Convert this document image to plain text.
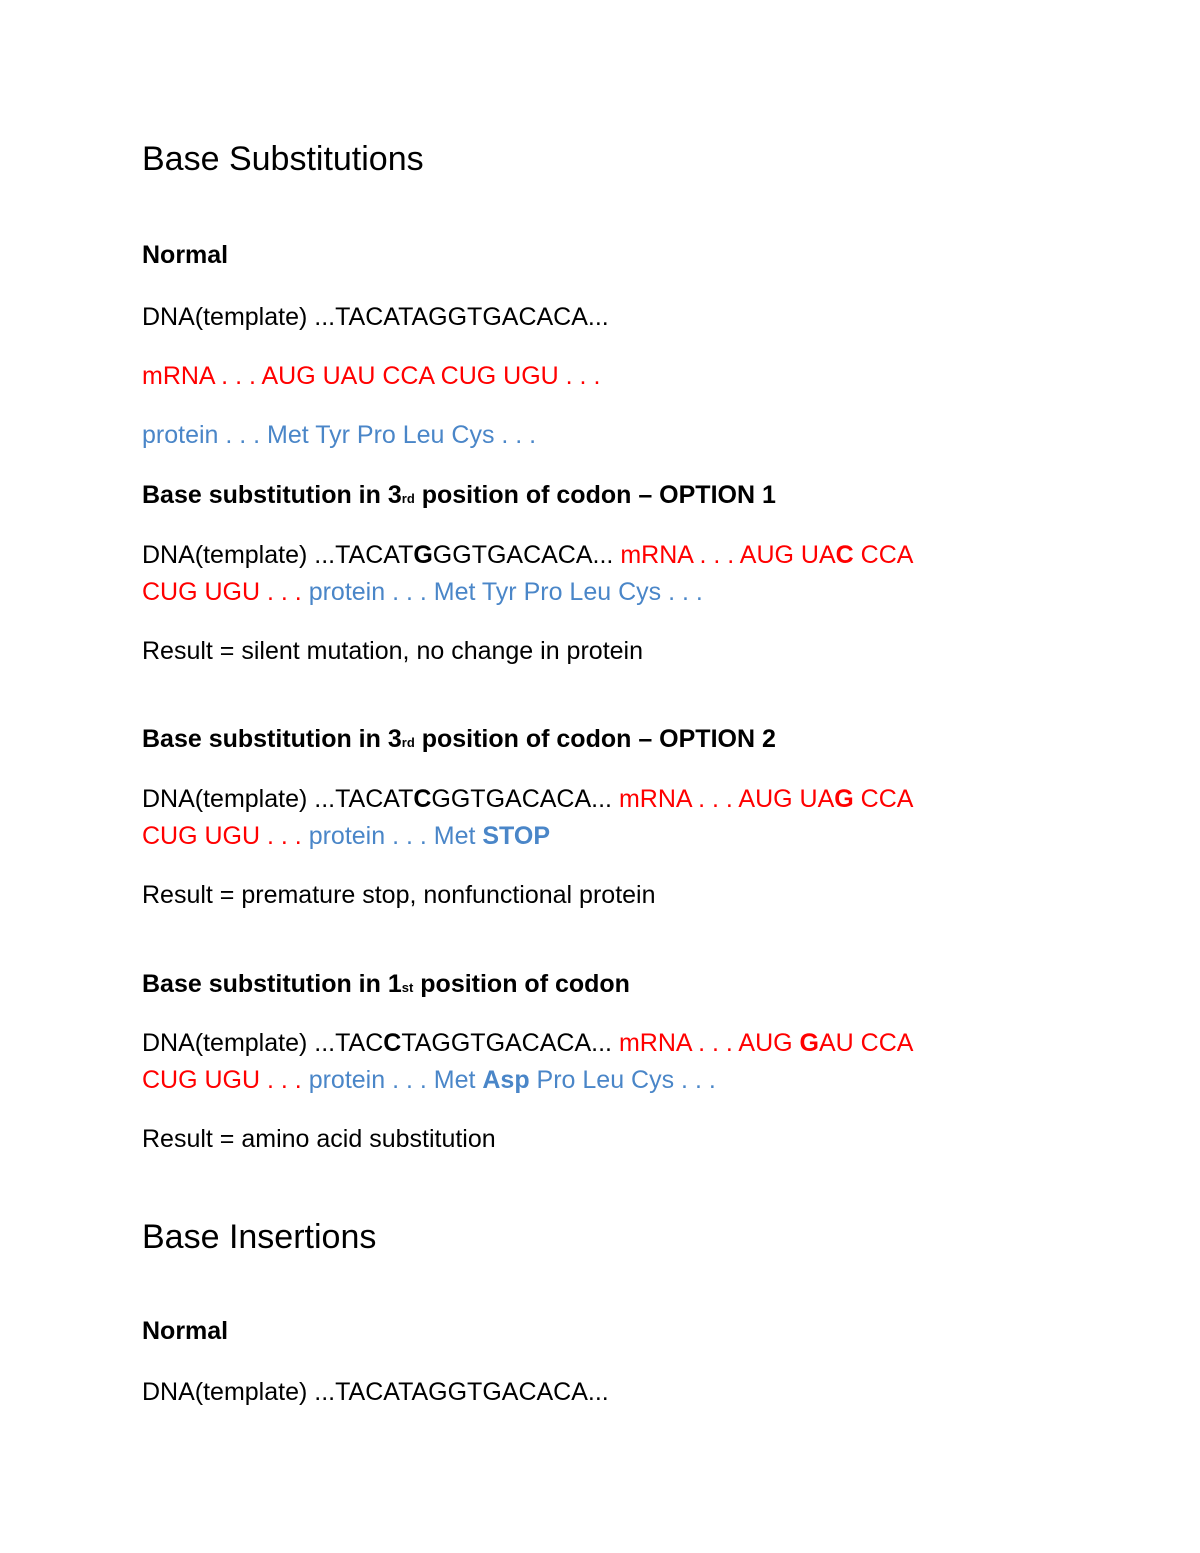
Base Substitutions
Normal

DNA(template) ...TACATAGGTGACACA...

mRNA . . . AUG UAU CCA CUG UGU . . .

protein . . . Met Tyr Pro Leu Cys . . .

Base substitution in 3rd position of codon – OPTION 1

DNA(template) ...TACATGGGTGACACA... mRNA . . . AUG UAC CCA
CUG UGU . . . protein . . . Met Tyr Pro Leu Cys . . .

Result = silent mutation, no change in protein

Base substitution in 3rd position of codon – OPTION 2

DNA(template) ...TACATCGGTGACACA... mRNA . . . AUG UAG CCA
CUG UGU . . . protein . . . Met STOP

Result = premature stop, nonfunctional protein

Base substitution in 1st position of codon

DNA(template) ...TACCTAGGTGACACA... mRNA . . . AUG GAU CCA
CUG UGU . . . protein . . . Met Asp Pro Leu Cys . . .

Result = amino acid substitution

Base Insertions
Normal

DNA(template) ...TACATAGGTGACACA...
